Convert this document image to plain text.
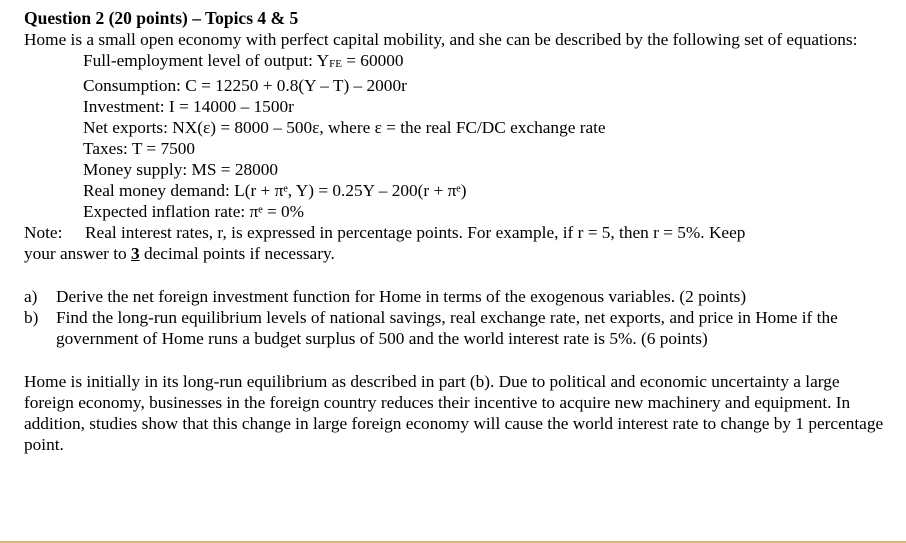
Question 2 (20 points) – Topics 4 & 5

Home is a small open economy with perfect capital mobility, and she can be described by the following set of equations:

Full-employment level of output: $Y_{FE} = 60000$
Consumption: C = 12250 + 0.8(Y – T) – 2000r
Investment: I = 14000 – 1500r
Net exports: NX(ε) = 8000 – 500ε, where ε = the real FC/DC exchange rate
Taxes: T = 7500
Money supply: MS = 28000
Real money demand: L(r + πᵉ, Y) = 0.25Y – 200(r + πᵉ)
Expected inflation rate: πᵉ = 0%
Note:	Real interest rates, r, is expressed in percentage points. For example, if r = 5, then r = 5%. Keep

your answer to 3 decimal points if necessary.

a)	Derive the net foreign investment function for Home in terms of the exogenous variables. (2 points)
b)	Find the long-run equilibrium levels of national savings, real exchange rate, net exports, and price in Home if the government of Home runs a budget surplus of 500 and the world interest rate is 5%. (6 points)

Home is initially in its long-run equilibrium as described in part (b). Due to political and economic uncertainty a large foreign economy, businesses in the foreign country reduces their incentive to acquire new machinery and equipment. In addition, studies show that this change in large foreign economy will cause the world interest rate to change by 1 percentage point.
